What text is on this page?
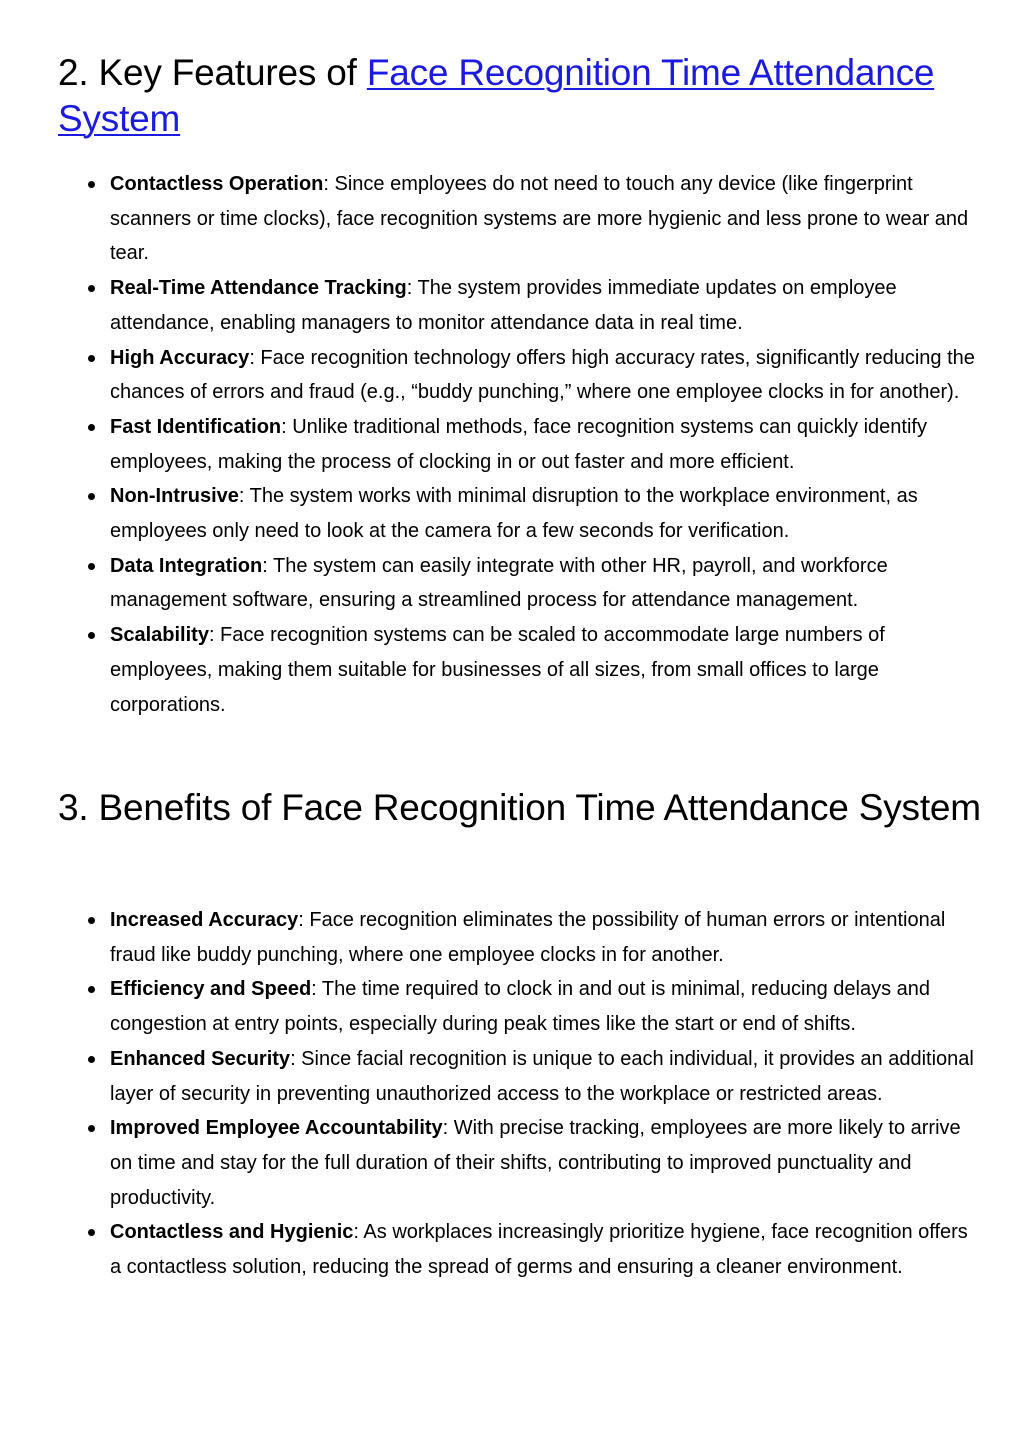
2. Key Features of Face Recognition Time Attendance System
Contactless Operation: Since employees do not need to touch any device (like fingerprint scanners or time clocks), face recognition systems are more hygienic and less prone to wear and tear.
Real-Time Attendance Tracking: The system provides immediate updates on employee attendance, enabling managers to monitor attendance data in real time.
High Accuracy: Face recognition technology offers high accuracy rates, significantly reducing the chances of errors and fraud (e.g., “buddy punching,” where one employee clocks in for another).
Fast Identification: Unlike traditional methods, face recognition systems can quickly identify employees, making the process of clocking in or out faster and more efficient.
Non-Intrusive: The system works with minimal disruption to the workplace environment, as employees only need to look at the camera for a few seconds for verification.
Data Integration: The system can easily integrate with other HR, payroll, and workforce management software, ensuring a streamlined process for attendance management.
Scalability: Face recognition systems can be scaled to accommodate large numbers of employees, making them suitable for businesses of all sizes, from small offices to large corporations.
3. Benefits of Face Recognition Time Attendance System
Increased Accuracy: Face recognition eliminates the possibility of human errors or intentional fraud like buddy punching, where one employee clocks in for another.
Efficiency and Speed: The time required to clock in and out is minimal, reducing delays and congestion at entry points, especially during peak times like the start or end of shifts.
Enhanced Security: Since facial recognition is unique to each individual, it provides an additional layer of security in preventing unauthorized access to the workplace or restricted areas.
Improved Employee Accountability: With precise tracking, employees are more likely to arrive on time and stay for the full duration of their shifts, contributing to improved punctuality and productivity.
Contactless and Hygienic: As workplaces increasingly prioritize hygiene, face recognition offers a contactless solution, reducing the spread of germs and ensuring a cleaner environment.
